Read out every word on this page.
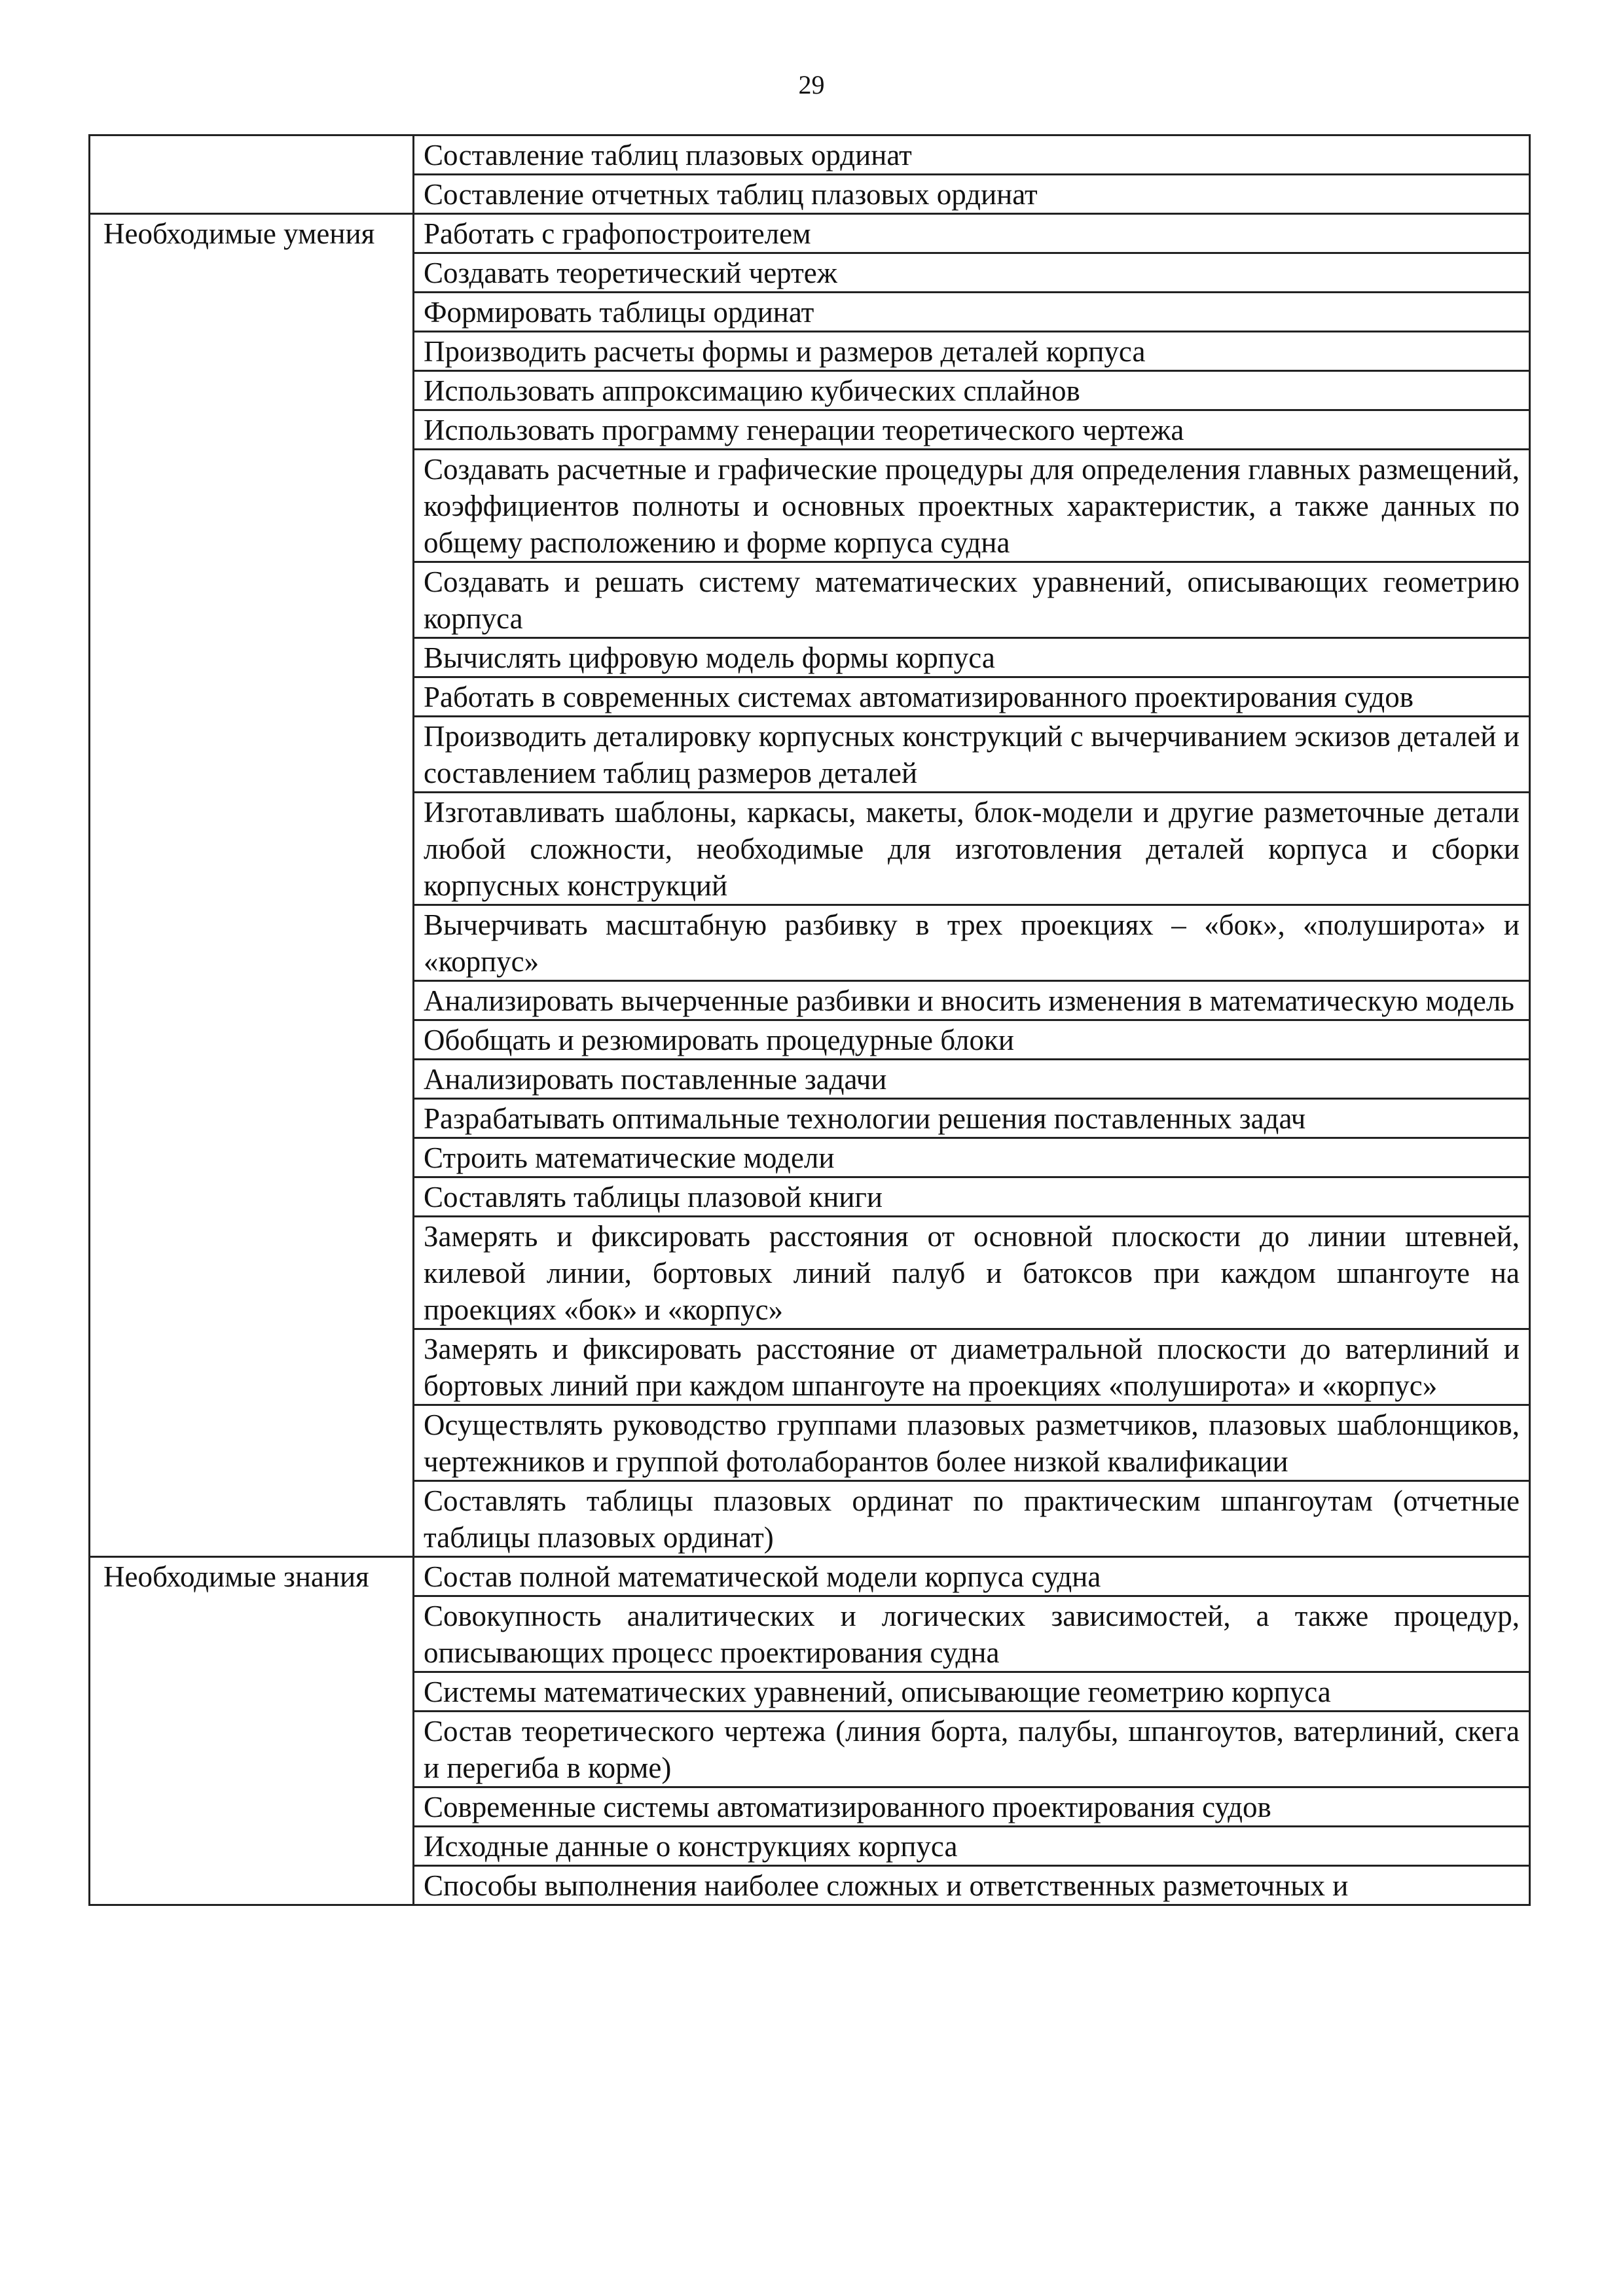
29
	Составление таблиц плазовых ординат
	Составление отчетных таблиц плазовых ординат
Необходимые умения	Работать с графопостроителем
	Создавать теоретический чертеж
	Формировать таблицы ординат
	Производить расчеты формы и размеров деталей корпуса
	Использовать аппроксимацию кубических сплайнов
	Использовать программу генерации теоретического чертежа
	Создавать расчетные и графические процедуры для определения главных размещений, коэффициентов полноты и основных проектных характеристик, а также данных по общему расположению и форме корпуса судна
	Создавать и решать систему математических уравнений, описывающих геометрию корпуса
	Вычислять цифровую модель формы корпуса
	Работать в современных системах автоматизированного проектирования судов
	Производить деталировку корпусных конструкций с вычерчиванием эскизов деталей и составлением таблиц размеров деталей
	Изготавливать шаблоны, каркасы, макеты, блок-модели и другие разметочные детали любой сложности, необходимые для изготовления деталей корпуса и сборки корпусных конструкций
	Вычерчивать масштабную разбивку в трех проекциях – «бок», «полуширота» и «корпус»
	Анализировать вычерченные разбивки и вносить изменения в математическую модель
	Обобщать и резюмировать процедурные блоки
	Анализировать поставленные задачи
	Разрабатывать оптимальные технологии решения поставленных задач
	Строить математические модели
	Составлять таблицы плазовой книги
	Замерять и фиксировать расстояния от основной плоскости до линии штевней, килевой линии, бортовых линий палуб и батоксов при каждом шпангоуте на проекциях «бок» и «корпус»
	Замерять и фиксировать расстояние от диаметральной плоскости до ватерлиний и бортовых линий при каждом шпангоуте на проекциях «полуширота» и «корпус»
	Осуществлять руководство группами плазовых разметчиков, плазовых шаблонщиков, чертежников и группой фотолаборантов более низкой квалификации
	Составлять таблицы плазовых ординат по практическим шпангоутам (отчетные таблицы плазовых ординат)
Необходимые знания	Состав полной математической модели корпуса судна
	Совокупность аналитических и логических зависимостей, а также процедур, описывающих процесс проектирования судна
	Системы математических уравнений, описывающие геометрию корпуса
	Состав теоретического чертежа (линия борта, палубы, шпангоутов, ватерлиний, скега и перегиба в корме)
	Современные системы автоматизированного проектирования судов
	Исходные данные о конструкциях корпуса
	Способы выполнения наиболее сложных и ответственных разметочных и
